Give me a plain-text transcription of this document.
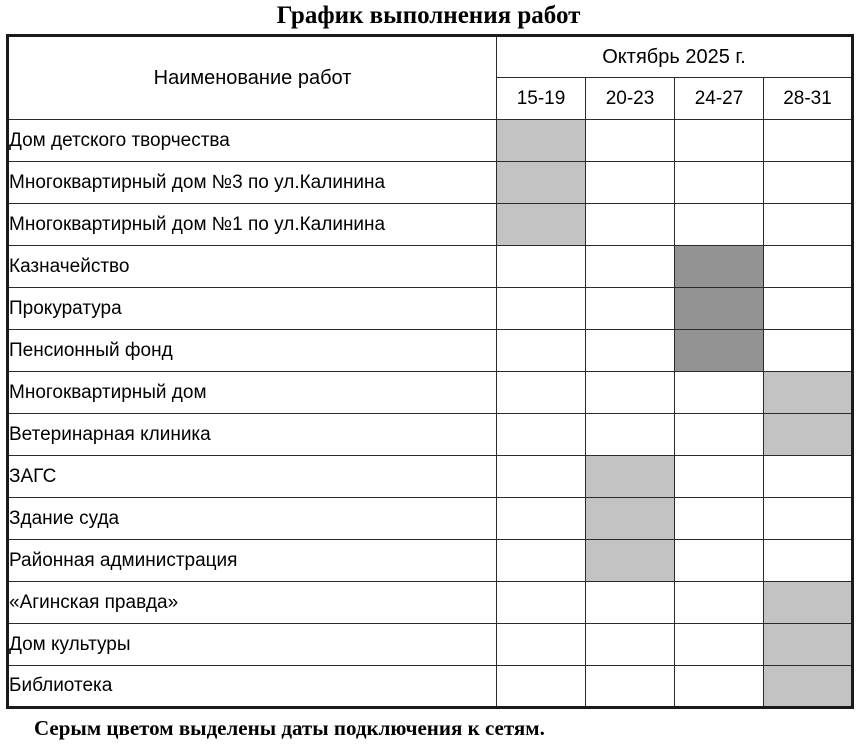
График выполнения работ
Наименование работ	Октябрь 2025 г.			
	15-19	20-23	24-27	28-31
Дом детского творчества				
Многоквартирный дом №3 по ул.Калинина				
Многоквартирный дом №1 по ул.Калинина				
Казначейство				
Прокуратура				
Пенсионный фонд				
Многоквартирный дом				
Ветеринарная клиника				
ЗАГС				
Здание суда				
Районная администрация				
«Агинская правда»				
Дом культуры				
Библиотека				
Серым цветом выделены даты подключения к сетям.
